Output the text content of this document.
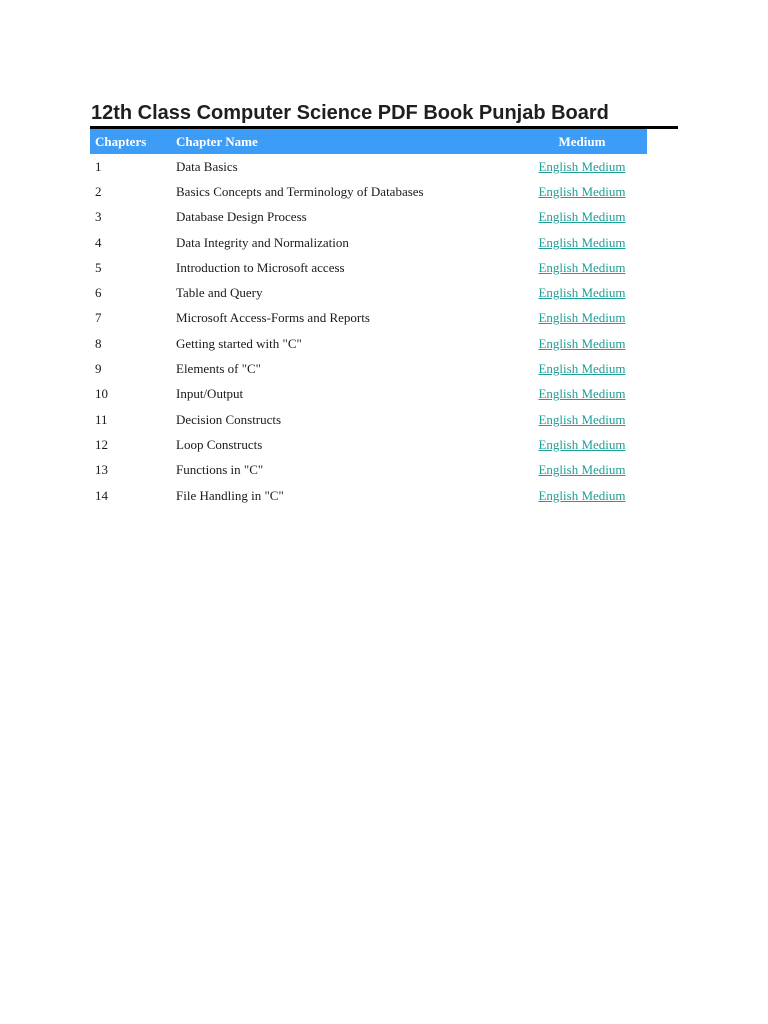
12th Class Computer Science PDF Book Punjab Board
Chapters	Chapter Name	Medium
1	Data Basics	English Medium
2	Basics Concepts and Terminology of Databases	English Medium
3	Database Design Process	English Medium
4	Data Integrity and Normalization	English Medium
5	Introduction to Microsoft access	English Medium
6	Table and Query	English Medium
7	Microsoft Access-Forms and Reports	English Medium
8	Getting started with "C"	English Medium
9	Elements of "C"	English Medium
10	Input/Output	English Medium
11	Decision Constructs	English Medium
12	Loop Constructs	English Medium
13	Functions in "C"	English Medium
14	File Handling in "C"	English Medium
